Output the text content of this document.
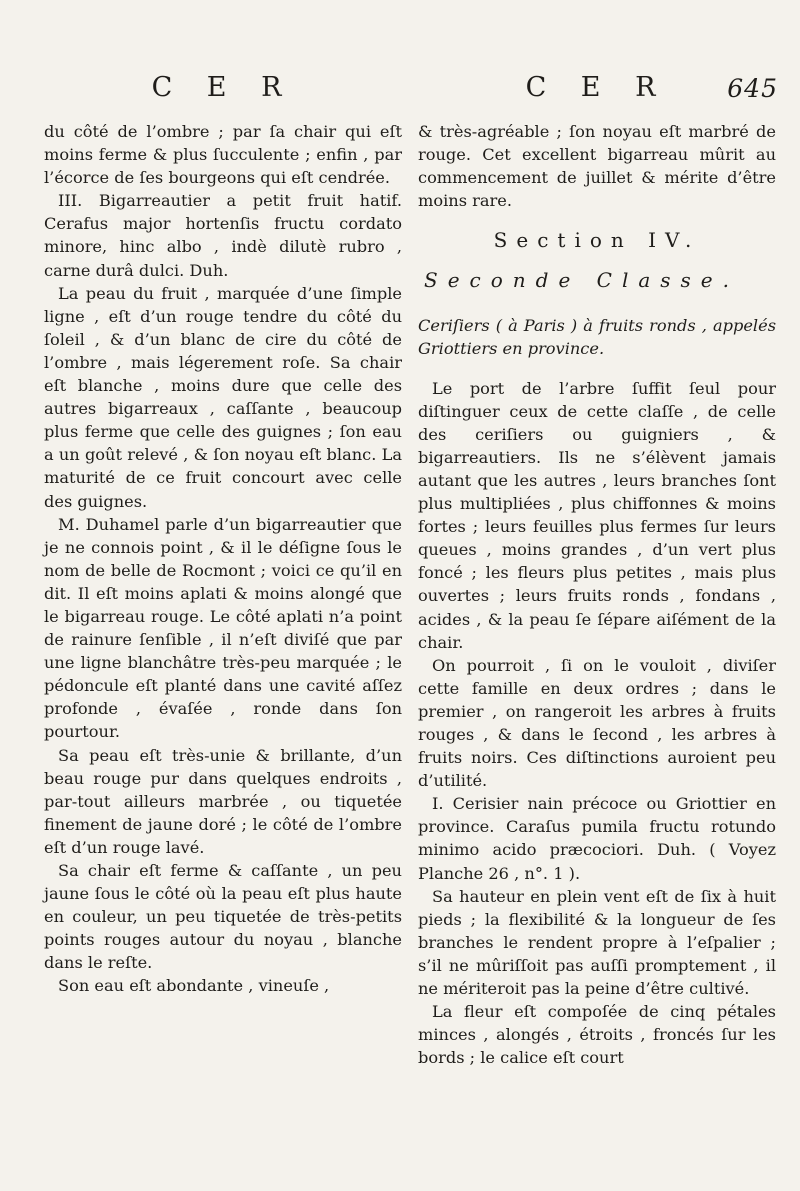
C E R

du côté de l’ombre ; par ſa chair qui eſt moins ferme & plus ſucculente ; enfin , par l’écorce de ſes bourgeons qui eſt cendrée.

III. Bigarreautier a petit fruit hatif. Cerafus major hortenſis fructu cordato minore, hinc albo , indè dilutè rubro , carne durâ dulci. Duh.

La peau du fruit , marquée d’une ſimple ligne , eſt d’un rouge tendre du côté du ſoleil , & d’un blanc de cire du côté de l’ombre , mais légerement roſe. Sa chair eſt blanche , moins dure que celle des autres bigarreaux , caſſante , beaucoup plus ferme que celle des guignes ; ſon eau a un goût relevé , & ſon noyau eſt blanc. La maturité de ce fruit concourt avec celle des guignes.

M. Duhamel parle d’un bigarreautier que je ne connois point , & il le déſigne ſous le nom de belle de Rocmont ; voici ce qu’il en dit. Il eſt moins aplati & moins alongé que le bigarreau rouge. Le côté aplati n’a point de rainure ſenſible , il n’eſt diviſé que par une ligne blanchâtre très-peu marquée ; le pédoncule eſt planté dans une cavité aſſez profonde , évaſée , ronde dans ſon pourtour.

Sa peau eſt très-unie & brillante, d’un beau rouge pur dans quelques endroits , par-tout ailleurs marbrée , ou tiquetée finement de jaune doré ; le côté de l’ombre eſt d’un rouge lavé.

Sa chair eſt ferme & caſſante , un peu jaune ſous le côté où la peau eſt plus haute en couleur, un peu tiquetée de très-petits points rouges autour du noyau , blanche dans le reſte.

Son eau eſt abondante , vineuſe ,

C E R	645

& très-agréable ; ſon noyau eſt marbré de rouge. Cet excellent bigarreau mûrit au commencement de juillet & mérite d’être moins rare.

Section IV.
Seconde Classe.

Ceriſiers ( à Paris ) à fruits ronds , appelés Griottiers en province.

Le port de l’arbre ſuffit ſeul pour diſtinguer ceux de cette claſſe , de celle des ceriſiers ou guigniers , & bigarreautiers. Ils ne s’élèvent jamais autant que les autres , leurs branches ſont plus multipliées , plus chiffonnes & moins fortes ; leurs feuilles plus fermes ſur leurs queues , moins grandes , d’un vert plus foncé ; les fleurs plus petites , mais plus ouvertes ; leurs fruits ronds , fondans , acides , & la peau ſe ſépare aiſément de la chair.

On pourroit , ſi on le vouloit , diviſer cette famille en deux ordres ; dans le premier , on rangeroit les arbres à fruits rouges , & dans le ſecond , les arbres à fruits noirs. Ces diſtinctions auroient peu d’utilité.

I. Cerisier nain précoce ou Griottier en province. Caraſus pumila fructu rotundo minimo acido præcociori. Duh. ( Voyez Planche 26 , n°. 1 ).

Sa hauteur en plein vent eſt de ſix à huit pieds ; la flexibilité & la longueur de ſes branches le rendent propre à l’eſpalier ; s’il ne mûriſſoit pas auſſi promptement , il ne mériteroit pas la peine d’être cultivé.

La fleur eſt compoſée de cinq pétales minces , alongés , étroits , froncés ſur les bords ; le calice eſt court
